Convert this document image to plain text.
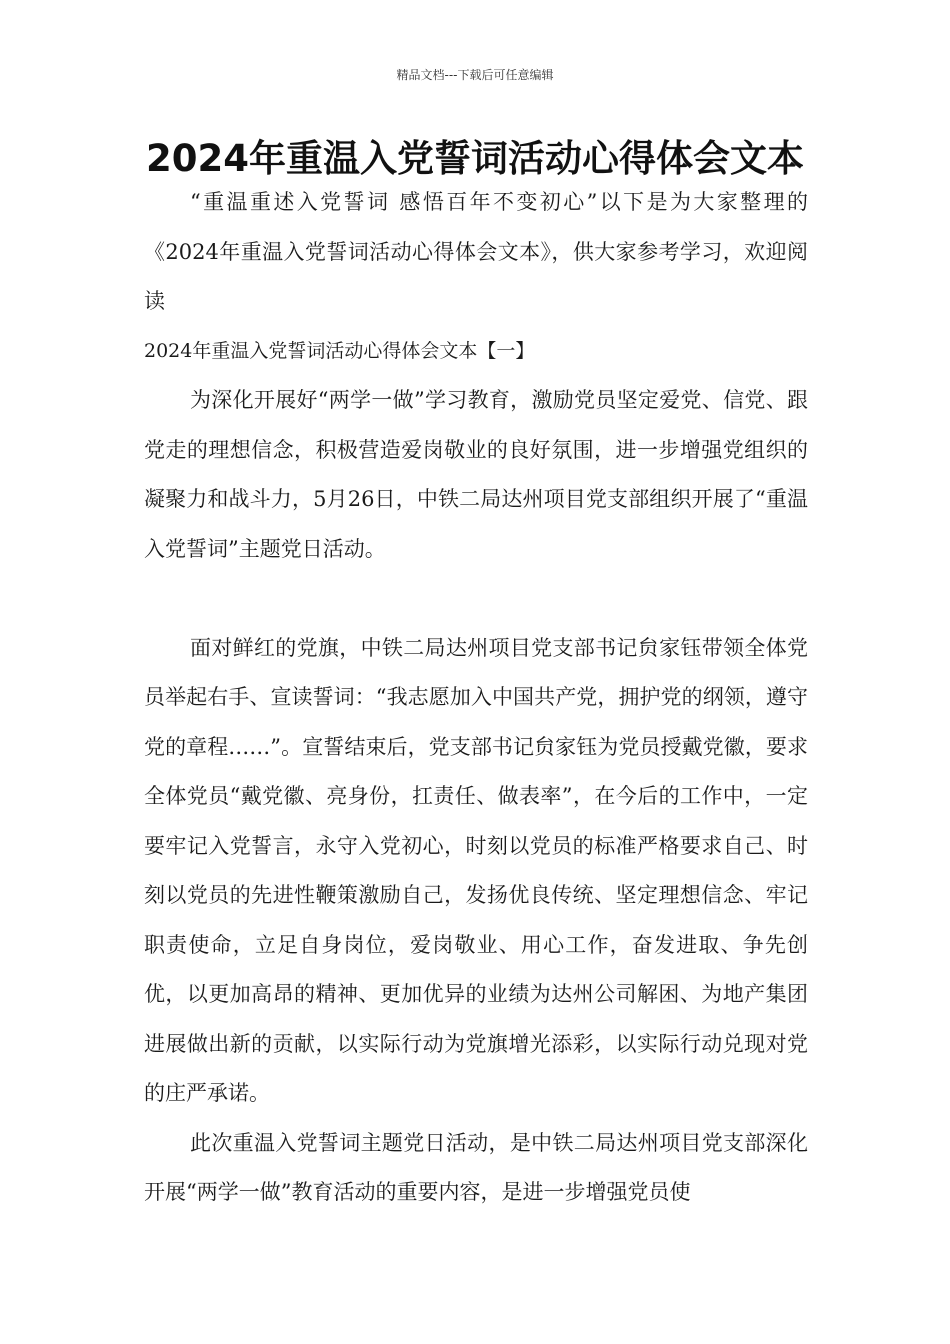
精品文档---下载后可任意编辑
2024年重温入党誓词活动心得体会文本

“重温重述入党誓词 感悟百年不变初心”以下是为大家整理的《2024年重温入党誓词活动心得体会文本》，供大家参考学习，欢迎阅读

2024年重温入党誓词活动心得体会文本【一】

为深化开展好“两学一做”学习教育，激励党员坚定爱党、信党、跟党走的理想信念，积极营造爱岗敬业的良好氛围，进一步增强党组织的凝聚力和战斗力，5月26日，中铁二局达州项目党支部组织开展了“重温入党誓词”主题党日活动。

面对鲜红的党旗，中铁二局达州项目党支部书记贠家钰带领全体党员举起右手、宣读誓词：“我志愿加入中国共产党，拥护党的纲领，遵守党的章程……”。宣誓结束后，党支部书记贠家钰为党员授戴党徽，要求全体党员“戴党徽、亮身份，扛责任、做表率”，在今后的工作中，一定要牢记入党誓言，永守入党初心，时刻以党员的标准严格要求自己、时刻以党员的先进性鞭策激励自己，发扬优良传统、坚定理想信念、牢记职责使命，立足自身岗位，爱岗敬业、用心工作，奋发进取、争先创优，以更加高昂的精神、更加优异的业绩为达州公司解困、为地产集团进展做出新的贡献，以实际行动为党旗增光添彩，以实际行动兑现对党的庄严承诺。

此次重温入党誓词主题党日活动，是中铁二局达州项目党支部深化开展“两学一做”教育活动的重要内容，是进一步增强党员使
